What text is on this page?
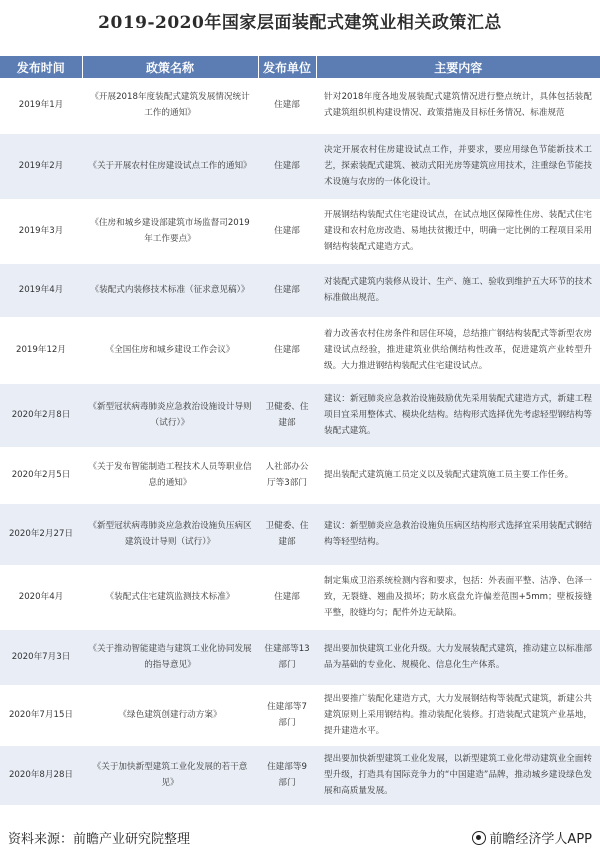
2019-2020年国家层面装配式建筑业相关政策汇总
发布时间	政策名称	发布单位	主要内容
2019年1月	《开展2018年度装配式建筑发展情况统计工作的通知》	住建部	针对2018年度各地发展装配式建筑情况进行整点统计，具体包括装配式建筑组织机构建设情况、政策措施及目标任务情况、标准规范
2019年2月	《关于开展农村住房建设试点工作的通知》	住建部	决定开展农村住房建设试点工作，并要求，要应用绿色节能新技术工艺，探索装配式建筑、被动式阳光房等建筑应用技术，注重绿色节能技术设施与农房的一体化设计。
2019年3月	《住房和城乡建设部建筑市场监督司2019年工作要点》	住建部	开展钢结构装配式住宅建设试点，在试点地区保障性住房、装配式住宅建设和农村危房改造、易地扶贫搬迁中，明确一定比例的工程项目采用钢结构装配式建造方式。
2019年4月	《装配式内装修技术标准（征求意见稿）》	住建部	对装配式建筑内装修从设计、生产、施工、验收到维护五大环节的技术标准做出规范。
2019年12月	《全国住房和城乡建设工作会议》	住建部	着力改善农村住房条件和居住环境，总结推广钢结构装配式等新型农房建设试点经验，推进建筑业供给侧结构性改革，促进建筑产业转型升级。大力推进钢结构装配式住宅建设试点。
2020年2月8日	《新型冠状病毒肺炎应急救治设施设计导则（试行）》	卫健委、住建部	建议：新冠肺炎应急救治设施鼓励优先采用装配式建造方式，新建工程项目宜采用整体式、模块化结构。结构形式选择优先考虑轻型钢结构等装配式建筑。
2020年2月5日	《关于发布智能制造工程技术人员等职业信息的通知》	人社部办公厅等3部门	提出装配式建筑施工员定义以及装配式建筑施工员主要工作任务。
2020年2月27日	《新型冠状病毒肺炎应急救治设施负压病区建筑设计导则（试行）》	卫健委、住建部	建议：新型肺炎应急救治设施负压病区结构形式选择宜采用装配式钢结构等轻型结构。
2020年4月	《装配式住宅建筑监测技术标准》	住建部	制定集成卫浴系统检测内容和要求，包括：外表面平整、洁净、色泽一致，无裂缝、翘曲及损坏；防水底盘允许偏差范围+5mm；壁板接缝平整，胶缝均匀；配件外边无缺陷。
2020年7月3日	《关于推动智能建造与建筑工业化协同发展的指导意见》	住建部等13部门	提出要加快建筑工业化升级。大力发展装配式建筑，推动建立以标准部品为基础的专业化、规模化、信息化生产体系。
2020年7月15日	《绿色建筑创建行动方案》	住建部等7部门	提出要推广装配化建造方式，大力发展钢结构等装配式建筑，新建公共建筑原则上采用钢结构。推动装配化装修。打造装配式建筑产业基地，提升建造水平。
2020年8月28日	《关于加快新型建筑工业化发展的若干意见》	住建部等9部门	提出要加快新型建筑工业化发展，以新型建筑工业化带动建筑业全面转型升级，打造具有国际竞争力的“中国建造”品牌，推动城乡建设绿色发展和高质量发展。
资料来源：前瞻产业研究院整理	前瞻经济学人APP
